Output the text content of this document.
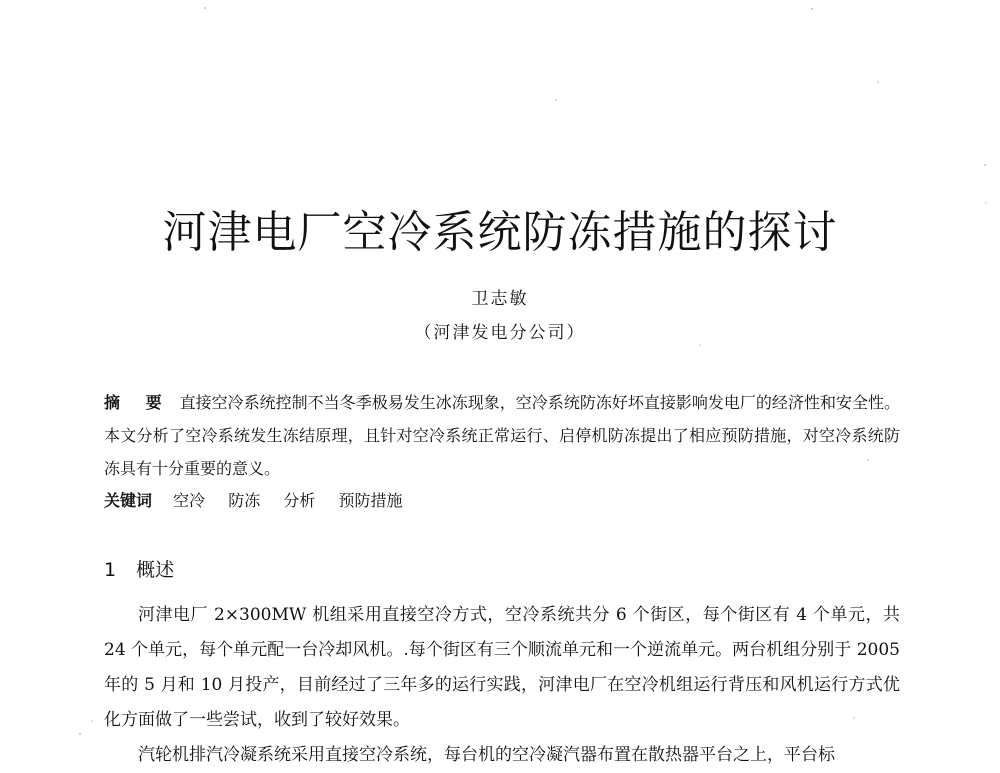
河津电厂空冷系统防冻措施的探讨
卫志敏
（河津发电分公司）
摘 要 直接空冷系统控制不当冬季极易发生冰冻现象，空冷系统防冻好坏直接影响发电厂的经济性和安全性。本文分析了空冷系统发生冻结原理，且针对空冷系统正常运行、启停机防冻提出了相应预防措施，对空冷系统防冻具有十分重要的意义。
关键词 空冷 防冻 分析 预防措施
1 概述

河津电厂 2×300MW 机组采用直接空冷方式，空冷系统共分 6 个街区，每个街区有 4 个单元，共 24 个单元，每个单元配一台冷却风机。.每个街区有三个顺流单元和一个逆流单元。两台机组分别于 2005 年的 5 月和 10 月投产，目前经过了三年多的运行实践，河津电厂在空冷机组运行背压和风机运行方式优化方面做了一些尝试，收到了较好效果。

汽轮机排汽冷凝系统采用直接空冷系统，每台机的空冷凝汽器布置在散热器平台之上，平台标
